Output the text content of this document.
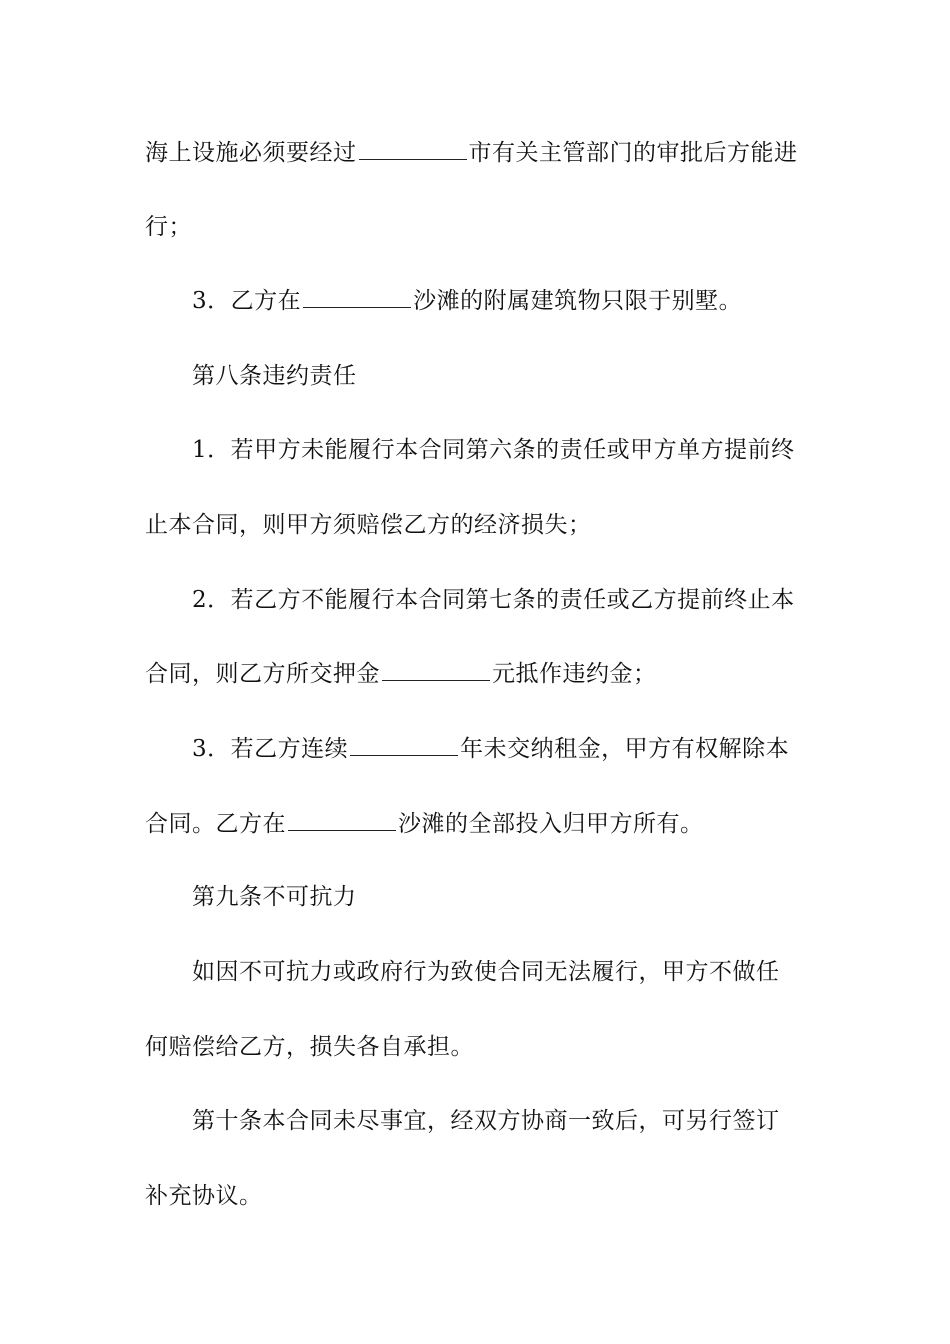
海上设施必须要经过	市有关主管部门的审批后方能进
行；
3．乙方在	沙滩的附属建筑物只限于别墅。
第八条违约责任
1．若甲方未能履行本合同第六条的责任或甲方单方提前终
止本合同，则甲方须赔偿乙方的经济损失；
2．若乙方不能履行本合同第七条的责任或乙方提前终止本
合同，则乙方所交押金	元抵作违约金；
3．若乙方连续	年未交纳租金，甲方有权解除本
合同。乙方在	沙滩的全部投入归甲方所有。
第九条不可抗力
如因不可抗力或政府行为致使合同无法履行，甲方不做任
何赔偿给乙方，损失各自承担。
第十条本合同未尽事宜，经双方协商一致后，可另行签订
补充协议。
